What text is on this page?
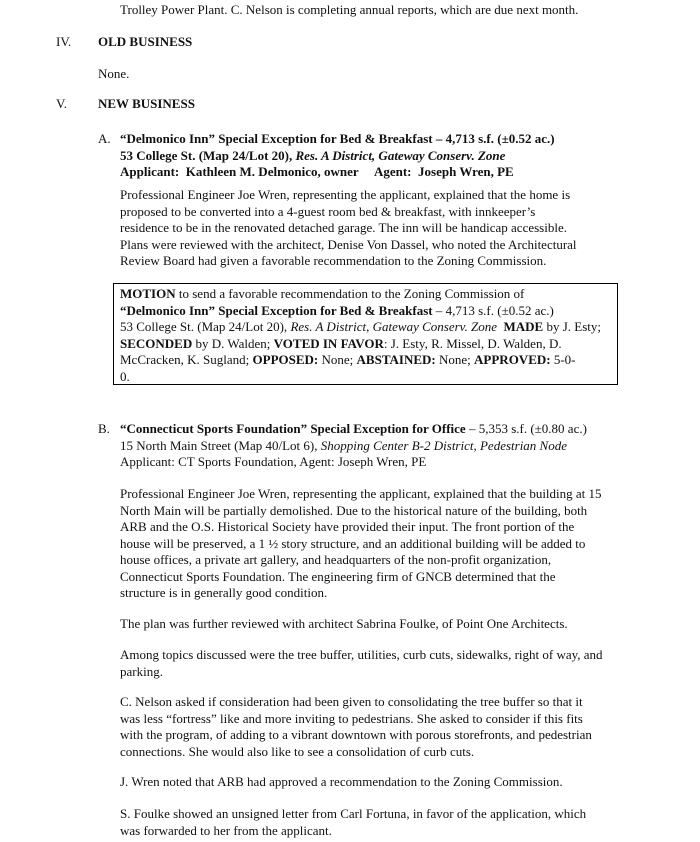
Trolley Power Plant. C. Nelson is completing annual reports, which are due next month.
IV. OLD BUSINESS
None.
V. NEW BUSINESS
A. “Delmonico Inn” Special Exception for Bed & Breakfast – 4,713 s.f. (±0.52 ac.)
53 College St. (Map 24/Lot 20), Res. A District, Gateway Conserv. Zone
Applicant:  Kathleen M. Delmonico, owner     Agent:  Joseph Wren, PE
Professional Engineer Joe Wren, representing the applicant, explained that the home is
proposed to be converted into a 4-guest room bed & breakfast, with innkeeper’s
residence to be in the renovated detached garage. The inn will be handicap accessible.
Plans were reviewed with the architect, Denise Von Dassel, who noted the Architectural
Review Board had given a favorable recommendation to the Zoning Commission.
MOTION to send a favorable recommendation to the Zoning Commission of
“Delmonico Inn” Special Exception for Bed & Breakfast – 4,713 s.f. (±0.52 ac.)
53 College St. (Map 24/Lot 20), Res. A District, Gateway Conserv. Zone  MADE by J. Esty;
SECONDED by D. Walden; VOTED IN FAVOR: J. Esty, R. Missel, D. Walden, D.
McCracken, K. Sugland; OPPOSED: None; ABSTAINED: None; APPROVED: 5-0-
0.
B. “Connecticut Sports Foundation” Special Exception for Office – 5,353 s.f. (±0.80 ac.)
15 North Main Street (Map 40/Lot 6), Shopping Center B-2 District, Pedestrian Node
Applicant: CT Sports Foundation, Agent: Joseph Wren, PE
Professional Engineer Joe Wren, representing the applicant, explained that the building at 15
North Main will be partially demolished. Due to the historical nature of the building, both
ARB and the O.S. Historical Society have provided their input. The front portion of the
house will be preserved, a 1 ½ story structure, and an additional building will be added to
house offices, a private art gallery, and headquarters of the non-profit organization,
Connecticut Sports Foundation. The engineering firm of GNCB determined that the
structure is in generally good condition.
The plan was further reviewed with architect Sabrina Foulke, of Point One Architects.
Among topics discussed were the tree buffer, utilities, curb cuts, sidewalks, right of way, and
parking.
C. Nelson asked if consideration had been given to consolidating the tree buffer so that it
was less “fortress” like and more inviting to pedestrians. She asked to consider if this fits
with the program, of adding to a vibrant downtown with porous storefronts, and pedestrian
connections. She would also like to see a consolidation of curb cuts.
J. Wren noted that ARB had approved a recommendation to the Zoning Commission.
S. Foulke showed an unsigned letter from Carl Fortuna, in favor of the application, which
was forwarded to her from the applicant.
